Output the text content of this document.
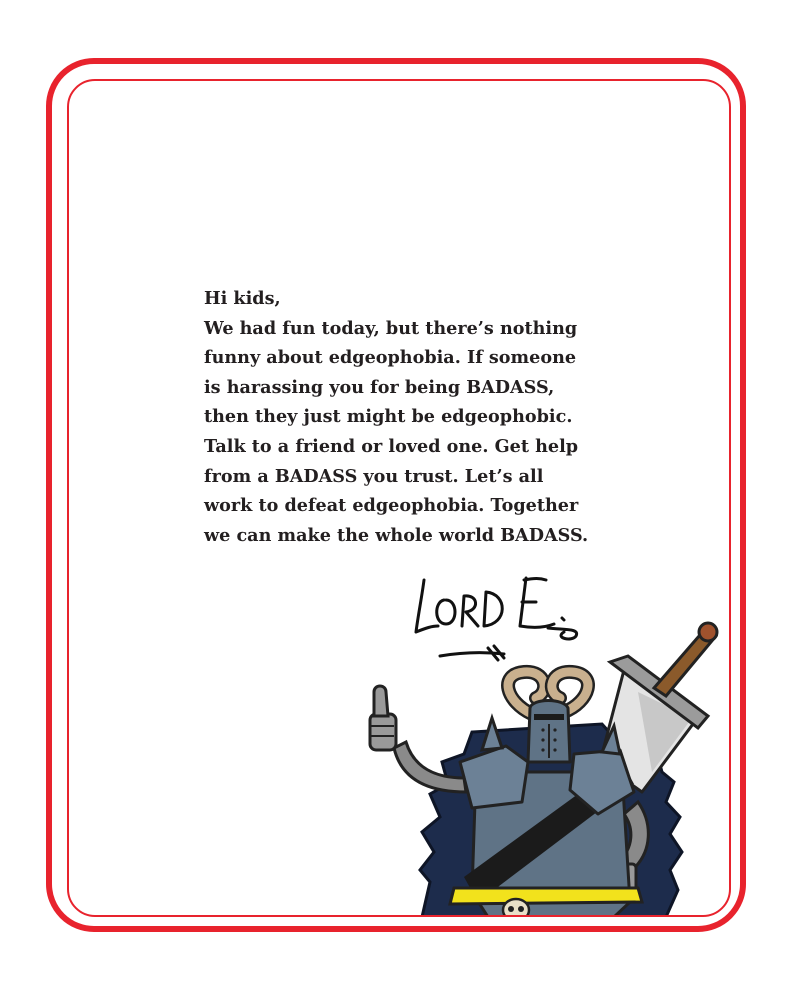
Hi kids,

We had fun today, but there’s nothing

funny about edgeophobia. If someone

is harassing you for being BADASS,

then they just might be edgeophobic.

Talk to a friend or loved one. Get help

from a BADASS you trust. Let’s all

work to defeat edgeophobia. Together

we can make the whole world BADASS.
